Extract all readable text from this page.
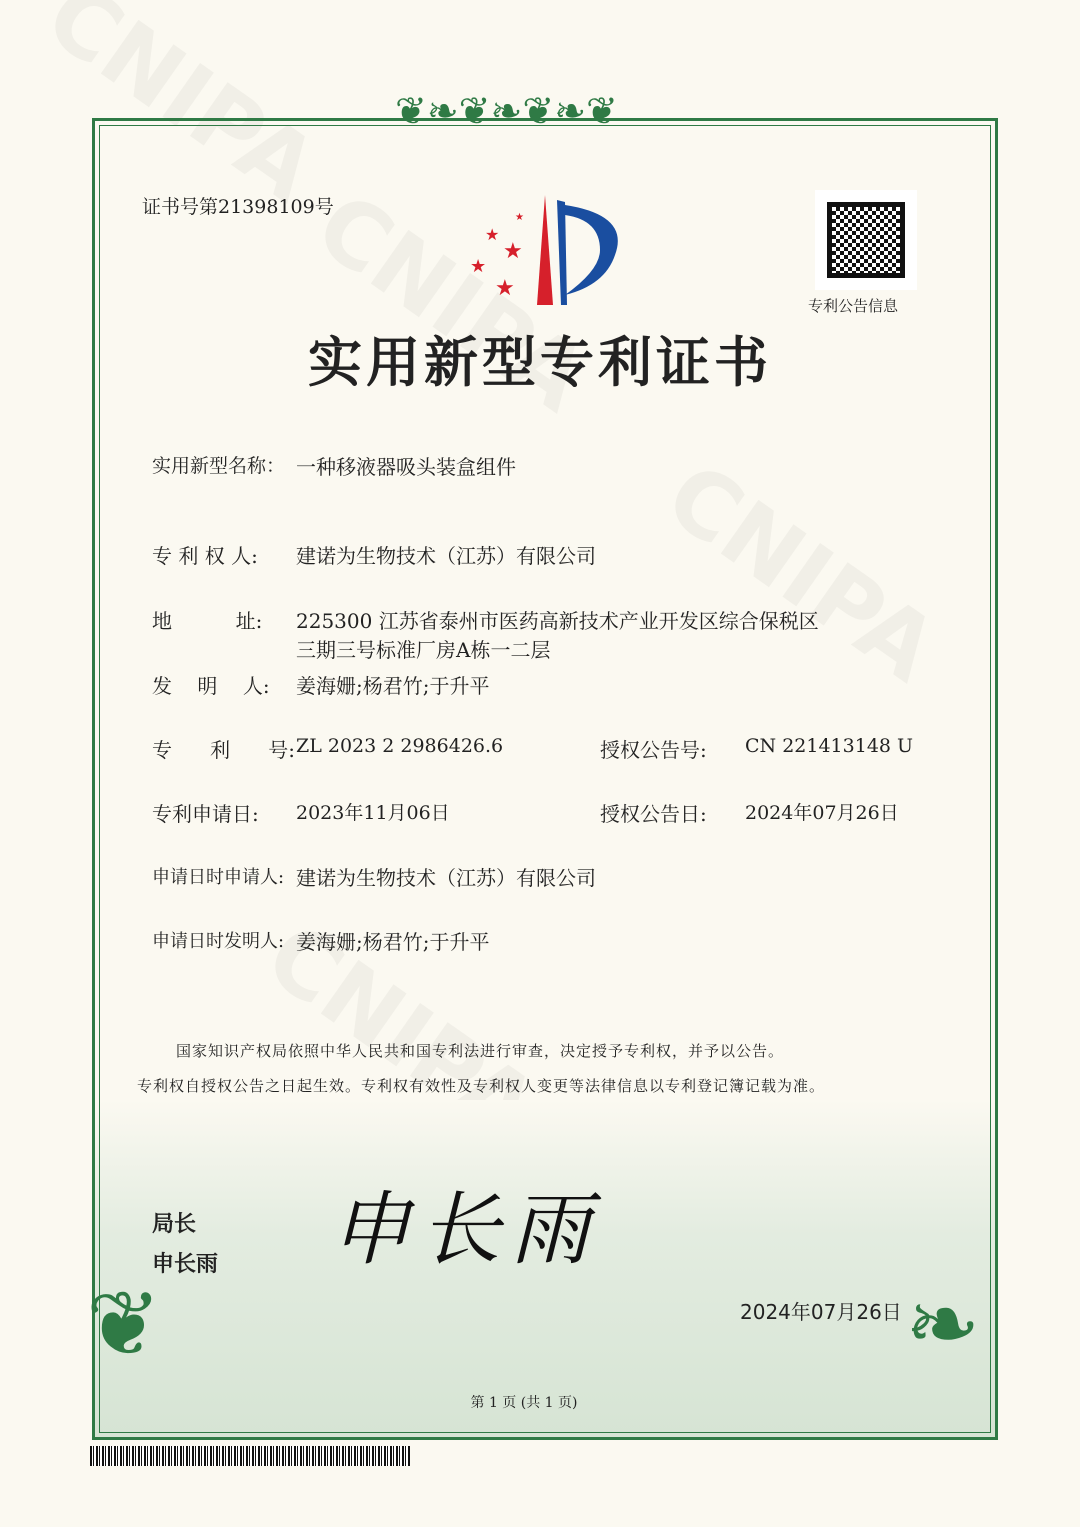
❦❧❦❧❦❧❦
❦	❧
证书号第21398109号	★
★
★
★
★
专利公告信息
实用新型专利证书
实用新型名称： 一种移液器吸头装盒组件
专 利 权 人: 建诺为生物技术（江苏）有限公司
地          址: 225300 江苏省泰州市医药高新技术产业开发区综合保税区
三期三号标准厂房A栋一二层
发    明    人: 姜海姗;杨君竹;于升平
专      利      号: ZL 2023 2 2986426.6	授权公告号: CN 221413148 U
专利申请日: 2023年11月06日	授权公告日: 2024年07月26日
申请日时申请人: 建诺为生物技术（江苏）有限公司
申请日时发明人: 姜海姗;杨君竹;于升平
国家知识产权局依照中华人民共和国专利法进行审查，决定授予专利权，并予以公告。
专利权自授权公告之日起生效。专利权有效性及专利权人变更等法律信息以专利登记簿记载为准。
局长
申长雨 申长雨
2024年07月26日
第 1 页 (共 1 页)
